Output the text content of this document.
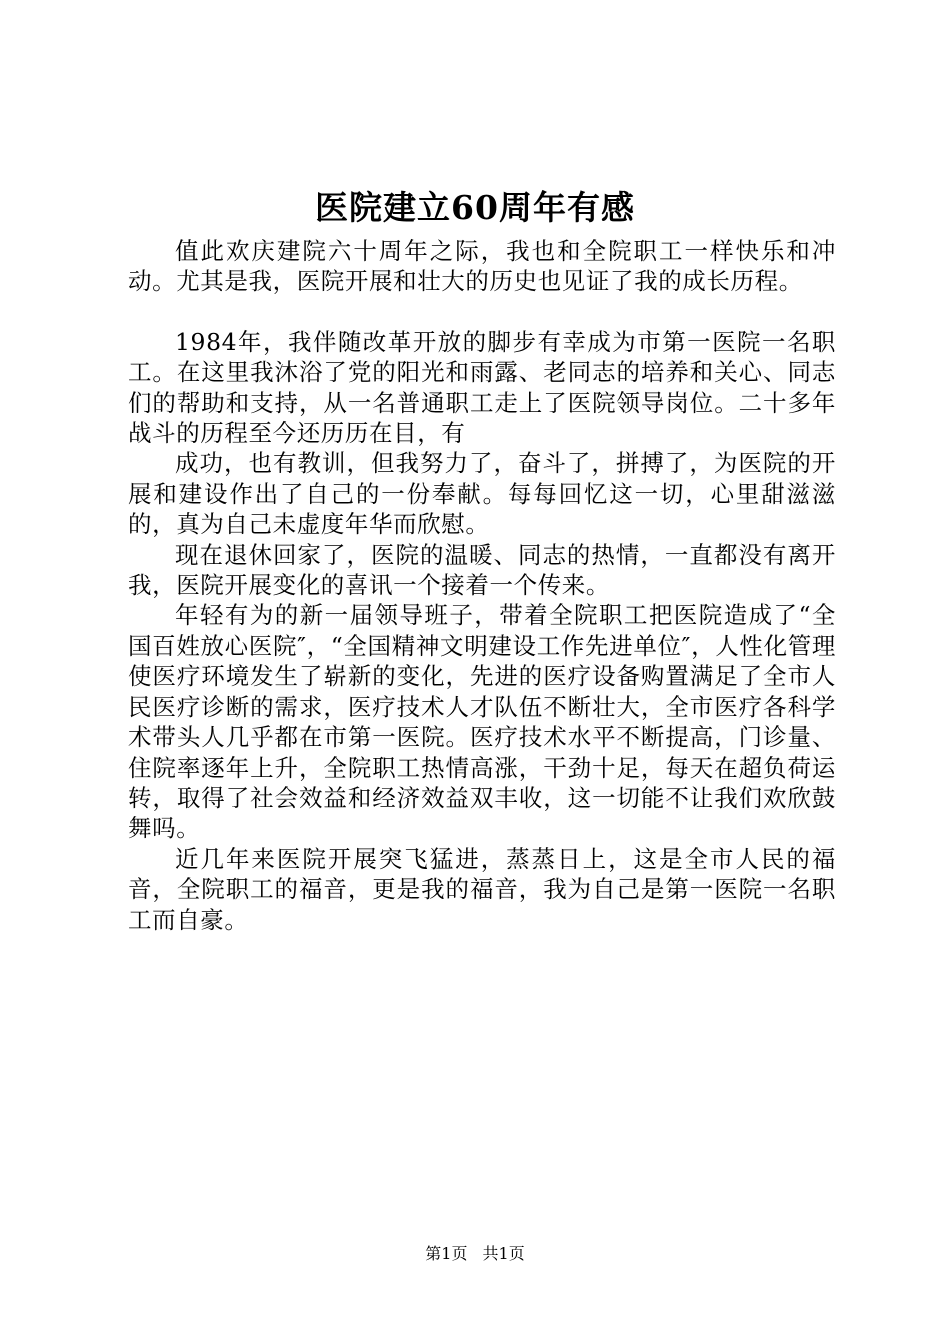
医院建立60周年有感

值此欢庆建院六十周年之际，我也和全院职工一样快乐和冲动。尤其是我，医院开展和壮大的历史也见证了我的成长历程。

1984年，我伴随改革开放的脚步有幸成为市第一医院一名职工。在这里我沐浴了党的阳光和雨露、老同志的培养和关心、同志们的帮助和支持，从一名普通职工走上了医院领导岗位。二十多年战斗的历程至今还历历在目，有

成功，也有教训，但我努力了，奋斗了，拼搏了，为医院的开展和建设作出了自己的一份奉献。每每回忆这一切，心里甜滋滋的，真为自己未虚度年华而欣慰。

现在退休回家了，医院的温暖、同志的热情，一直都没有离开我，医院开展变化的喜讯一个接着一个传来。

年轻有为的新一届领导班子，带着全院职工把医院造成了“全国百姓放心医院″，“全国精神文明建设工作先进单位″，人性化管理使医疗环境发生了崭新的变化，先进的医疗设备购置满足了全市人民医疗诊断的需求，医疗技术人才队伍不断壮大，全市医疗各科学术带头人几乎都在市第一医院。医疗技术水平不断提高，门诊量、住院率逐年上升，全院职工热情高涨，干劲十足，每天在超负荷运转，取得了社会效益和经济效益双丰收，这一切能不让我们欢欣鼓舞吗。

近几年来医院开展突飞猛进，蒸蒸日上，这是全市人民的福音，全院职工的福音，更是我的福音，我为自己是第一医院一名职工而自豪。

第1页 共1页
